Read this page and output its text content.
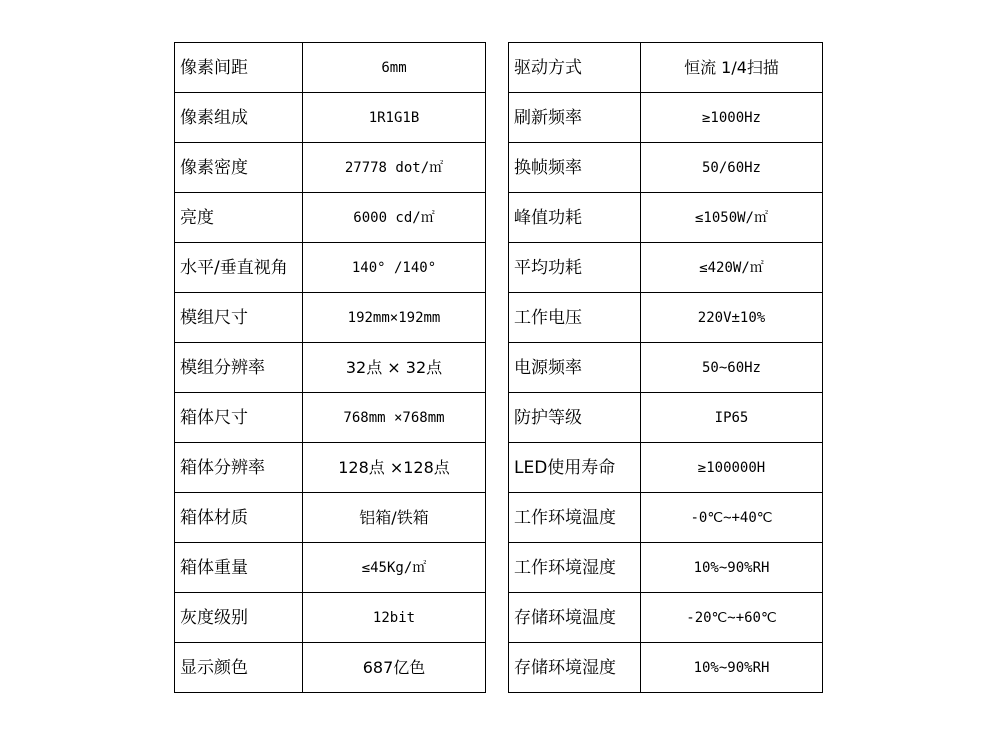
像素间距	6mm
像素组成	1R1G1B
像素密度	27778 dot/㎡
亮度	6000 cd/㎡
水平/垂直视角	140° /140°
模组尺寸	192mm×192mm
模组分辨率	32点 × 32点
箱体尺寸	768mm ×768mm
箱体分辨率	128点 ×128点
箱体材质	铝箱/铁箱
箱体重量	≤45Kg/㎡
灰度级别	12bit
显示颜色	687亿色
驱动方式	恒流 1/4扫描
刷新频率	≥1000Hz
换帧频率	50/60Hz
峰值功耗	≤1050W/㎡
平均功耗	≤420W/㎡
工作电压	220V±10%
电源频率	50~60Hz
防护等级	IP65
LED使用寿命	≥100000H
工作环境温度	-0℃~+40℃
工作环境湿度	10%~90%RH
存储环境温度	-20℃~+60℃
存储环境湿度	10%~90%RH
